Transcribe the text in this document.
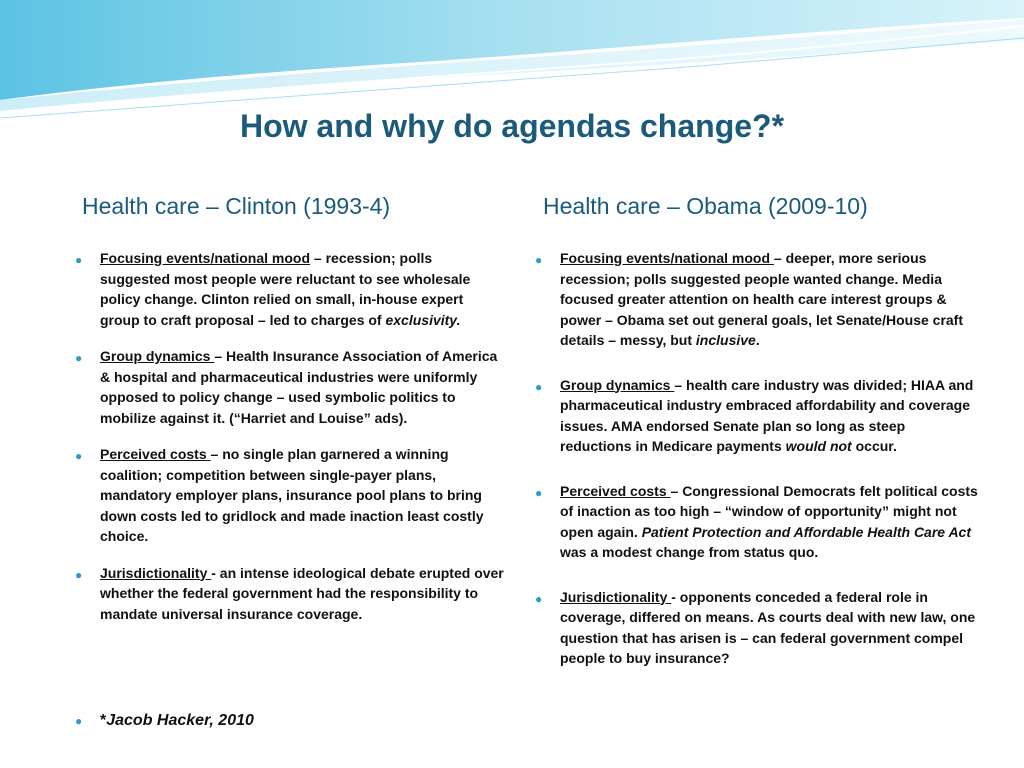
How and why do agendas change?*
Health care – Clinton (1993-4)	Health care – Obama (2009-10)
● Focusing events/national mood – recession; polls suggested most people were reluctant to see wholesale policy change. Clinton relied on small, in-house expert group to craft proposal – led to charges of exclusivity.
● Group dynamics – Health Insurance Association of America & hospital and pharmaceutical industries were uniformly opposed to policy change – used symbolic politics to mobilize against it. (“Harriet and Louise” ads).
● Perceived costs – no single plan garnered a winning coalition; competition between single-payer plans, mandatory employer plans, insurance pool plans to bring down costs led to gridlock and made inaction least costly choice.
● Jurisdictionality - an intense ideological debate erupted over whether the federal government had the responsibility to mandate universal insurance coverage.
● Focusing events/national mood – deeper, more serious recession; polls suggested people wanted change. Media focused greater attention on health care interest groups & power – Obama set out general goals, let Senate/House craft details – messy, but inclusive.
● Group dynamics – health care industry was divided; HIAA and pharmaceutical industry embraced affordability and coverage issues. AMA endorsed Senate plan so long as steep reductions in Medicare payments would not occur.
● Perceived costs – Congressional Democrats felt political costs of inaction as too high – “window of opportunity” might not open again. Patient Protection and Affordable Health Care Act was a modest change from status quo.
● Jurisdictionality - opponents conceded a federal role in coverage, differed on means. As courts deal with new law, one question that has arisen is – can federal government compel people to buy insurance?
● *Jacob Hacker, 2010
